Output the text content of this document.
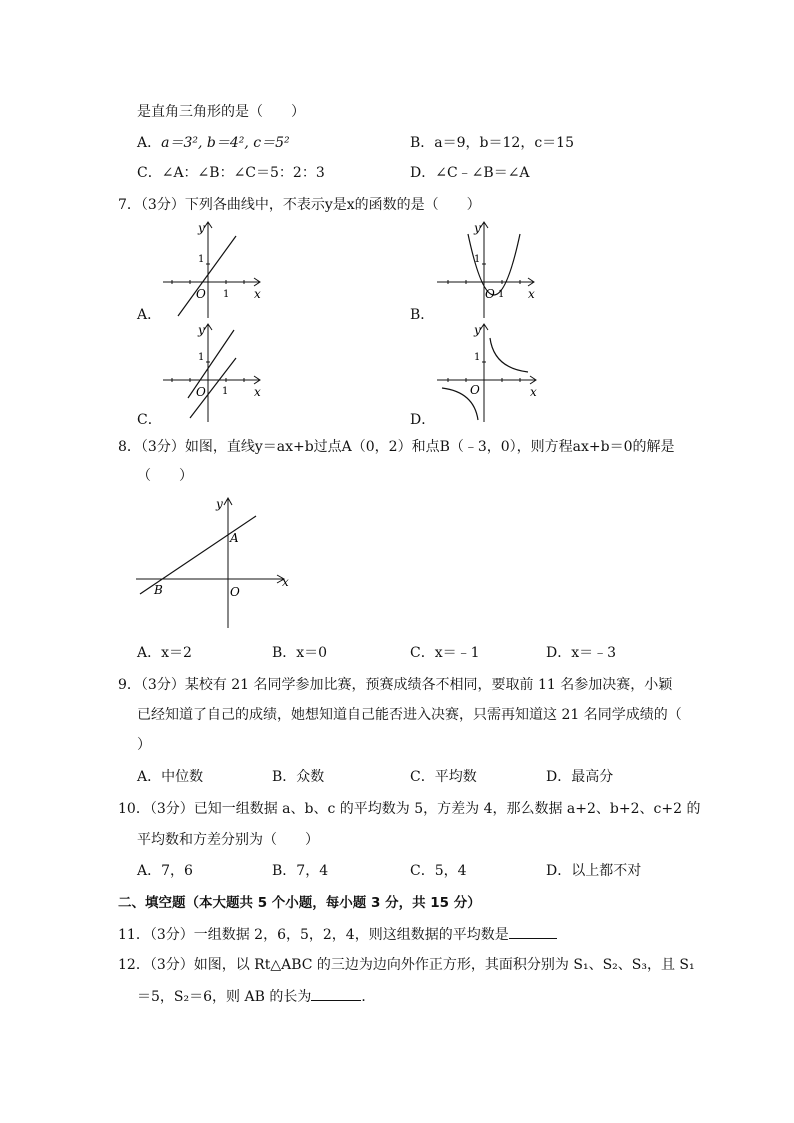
是直角三角形的是（　　）
A．a＝3², b＝4², c＝5²	B．a＝9，b＝12，c＝15
C．∠A：∠B：∠C＝5：2：3	D．∠C﹣∠B＝∠A
7．（3分）下列各曲线中，不表示y是x的函数的是（　　）
y
x
O
1
1
A．
y
x
O
1
1
B．
y
x
O
1
1
C．
y
x
O
1
D．
8．（3分）如图，直线y＝ax+b过点A（0，2）和点B（﹣3，0），则方程ax+b＝0的解是
（　　）
y
x
A
B	O
A．x＝2	B．x＝0	C．x＝﹣1	D．x＝﹣3
9．（3分）某校有 21 名同学参加比赛，预赛成绩各不相同，要取前 11 名参加决赛，小颖
已经知道了自己的成绩，她想知道自己能否进入决赛，只需再知道这 21 名同学成绩的（
）
A．中位数	B．众数	C．平均数	D．最高分
10．（3分）已知一组数据 a、b、c 的平均数为 5，方差为 4，那么数据 a+2、b+2、c+2 的
平均数和方差分别为（　　）
A．7，6	B．7，4	C．5，4	D．以上都不对
二、填空题（本大题共 5 个小题，每小题 3 分，共 15 分）
11．（3分）一组数据 2，6，5，2，4，则这组数据的平均数是
12．（3分）如图，以 Rt△ABC 的三边为边向外作正方形，其面积分别为 S₁、S₂、S₃，且 S₁
＝5，S₂＝6，则 AB 的长为	．
